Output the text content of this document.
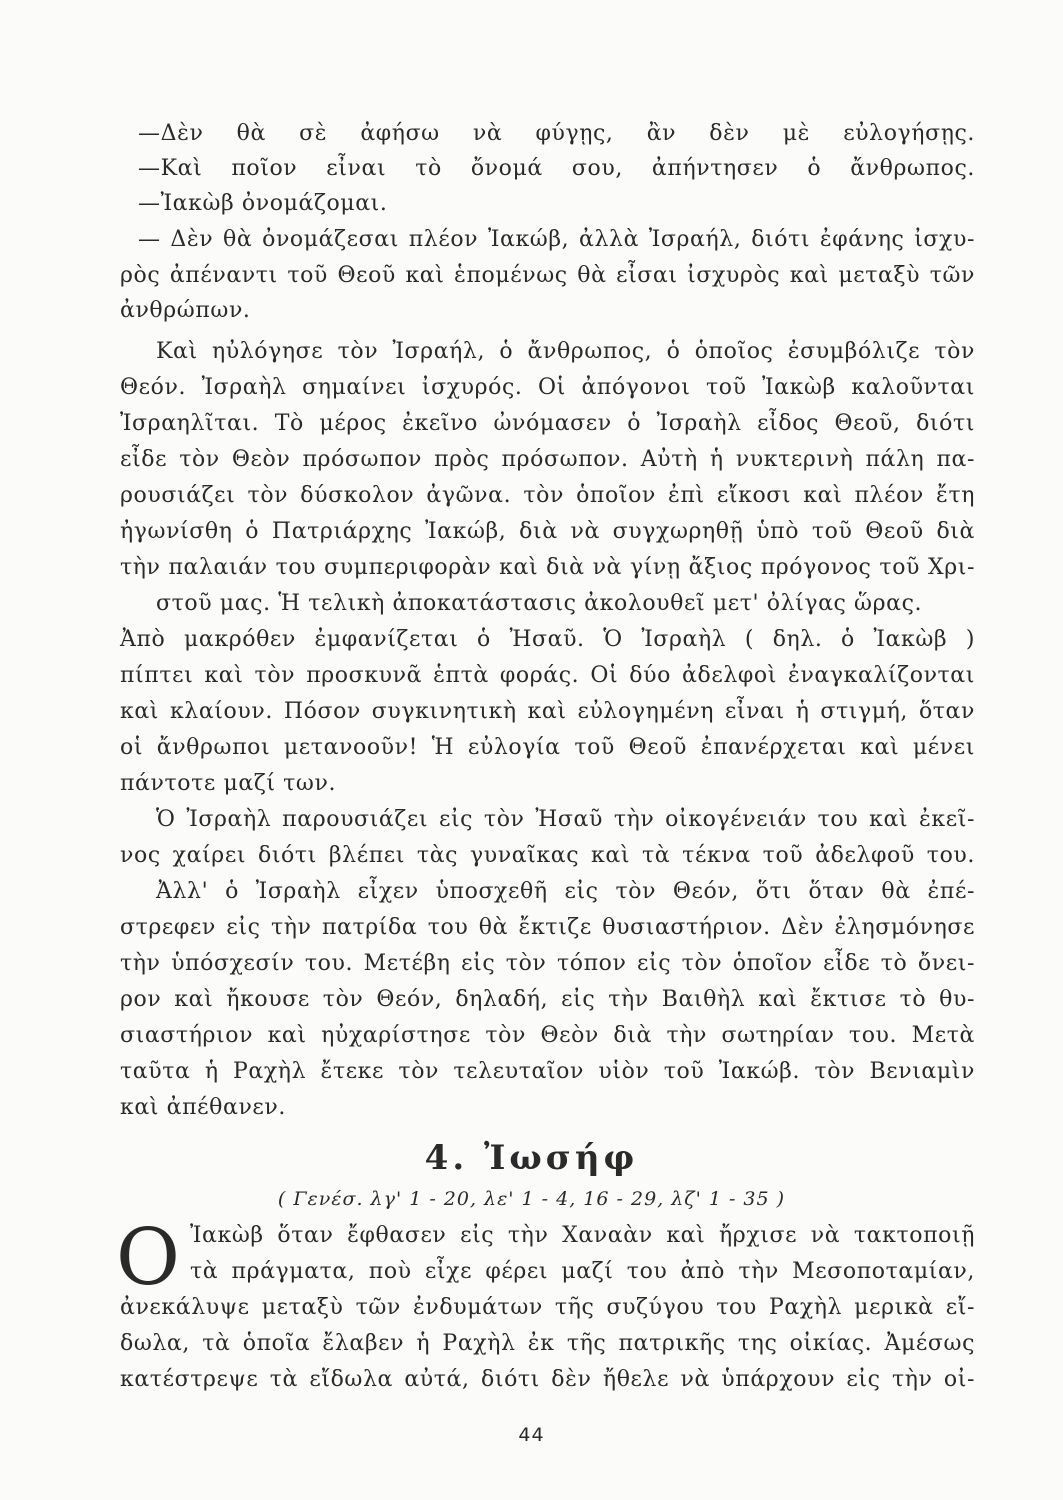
—Δὲν θὰ σὲ ἀφήσω νὰ φύγῃς, ἂν δὲν μὲ εὐλογήσῃς.
—Καὶ ποῖον εἶναι τὸ ὄνομά σου, ἀπήντησεν ὁ ἄνθρωπος.
—Ἰακὼβ ὀνομάζομαι.
— Δὲν θὰ ὀνομάζεσαι πλέον Ἰακώβ, ἀλλὰ Ἰσραήλ, διότι ἐφάνης ἰσχυ-
ρὸς ἀπέναντι τοῦ Θεοῦ καὶ ἑπομένως θὰ εἶσαι ἰσχυρὸς καὶ μεταξὺ τῶν
ἀνθρώπων.
Καὶ ηὐλόγησε τὸν Ἰσραήλ, ὁ ἄνθρωπος, ὁ ὁποῖος ἐσυμβόλιζε τὸν
Θεόν. Ἰσραὴλ σημαίνει ἰσχυρός. Οἱ ἀπόγονοι τοῦ Ἰακὼβ καλοῦνται
Ἰσραηλῖται. Τὸ μέρος ἐκεῖνο ὠνόμασεν ὁ Ἰσραὴλ εἶδος Θεοῦ, διότι
εἶδε τὸν Θεὸν πρόσωπον πρὸς πρόσωπον. Αὐτὴ ἡ νυκτερινὴ πάλη πα-
ρουσιάζει τὸν δύσκολον ἀγῶνα. τὸν ὁποῖον ἐπὶ εἴκοσι καὶ πλέον ἔτη
ἠγωνίσθη ὁ Πατριάρχης Ἰακώβ, διὰ νὰ συγχωρηθῇ ὑπὸ τοῦ Θεοῦ διὰ
τὴν παλαιάν του συμπεριφορὰν καὶ διὰ νὰ γίνῃ ἄξιος πρόγονος τοῦ Χρι-
στοῦ μας. Ἡ τελικὴ ἀποκατάστασις ἀκολουθεῖ μετ' ὀλίγας ὥρας.
Ἀπὸ μακρόθεν ἐμφανίζεται ὁ Ἠσαῦ. Ὁ Ἰσραὴλ ( δηλ. ὁ Ἰακὼβ )
πίπτει καὶ τὸν προσκυνᾶ ἑπτὰ φοράς. Οἱ δύο ἀδελφοὶ ἐναγκαλίζονται
καὶ κλαίουν. Πόσον συγκινητικὴ καὶ εὐλογημένη εἶναι ἡ στιγμή, ὅταν
οἱ ἄνθρωποι μετανοοῦν! Ἡ εὐλογία τοῦ Θεοῦ ἐπανέρχεται καὶ μένει
πάντοτε μαζί των.
Ὁ Ἰσραὴλ παρουσιάζει εἰς τὸν Ἠσαῦ τὴν οἰκογένειάν του καὶ ἐκεῖ-
νος χαίρει διότι βλέπει τὰς γυναῖκας καὶ τὰ τέκνα τοῦ ἀδελφοῦ του.
Ἀλλ' ὁ Ἰσραὴλ εἶχεν ὑποσχεθῆ εἰς τὸν Θεόν, ὅτι ὅταν θὰ ἐπέ-
στρεφεν εἰς τὴν πατρίδα του θὰ ἔκτιζε θυσιαστήριον. Δὲν ἐλησμόνησε
τὴν ὑπόσχεσίν του. Μετέβη εἰς τὸν τόπον εἰς τὸν ὁποῖον εἶδε τὸ ὄνει-
ρον καὶ ἤκουσε τὸν Θεόν, δηλαδή, εἰς τὴν Βαιθὴλ καὶ ἔκτισε τὸ θυ-
σιαστήριον καὶ ηὐχαρίστησε τὸν Θεὸν διὰ τὴν σωτηρίαν του. Μετὰ
ταῦτα ἡ Ραχὴλ ἔτεκε τὸν τελευταῖον υἱὸν τοῦ Ἰακώβ. τὸν Βενιαμὶν
καὶ ἀπέθανεν.
4. Ἰωσήφ
( Γενέσ. λγ' 1 - 20, λε' 1 - 4, 16 - 29, λζ' 1 - 35 )
Ο Ἰακὼβ ὅταν ἔφθασεν εἰς τὴν Χαναὰν καὶ ἤρχισε νὰ τακτοποιῇ
τὰ πράγματα, ποὺ εἶχε φέρει μαζί του ἀπὸ τὴν Μεσοποταμίαν,
ἀνεκάλυψε μεταξὺ τῶν ἐνδυμάτων τῆς συζύγου του Ραχὴλ μερικὰ εἴ-
δωλα, τὰ ὁποῖα ἔλαβεν ἡ Ραχὴλ ἐκ τῆς πατρικῆς της οἰκίας. Ἀμέσως
κατέστρεψε τὰ εἴδωλα αὐτά, διότι δὲν ἤθελε νὰ ὑπάρχουν εἰς τὴν οἰ-
44
